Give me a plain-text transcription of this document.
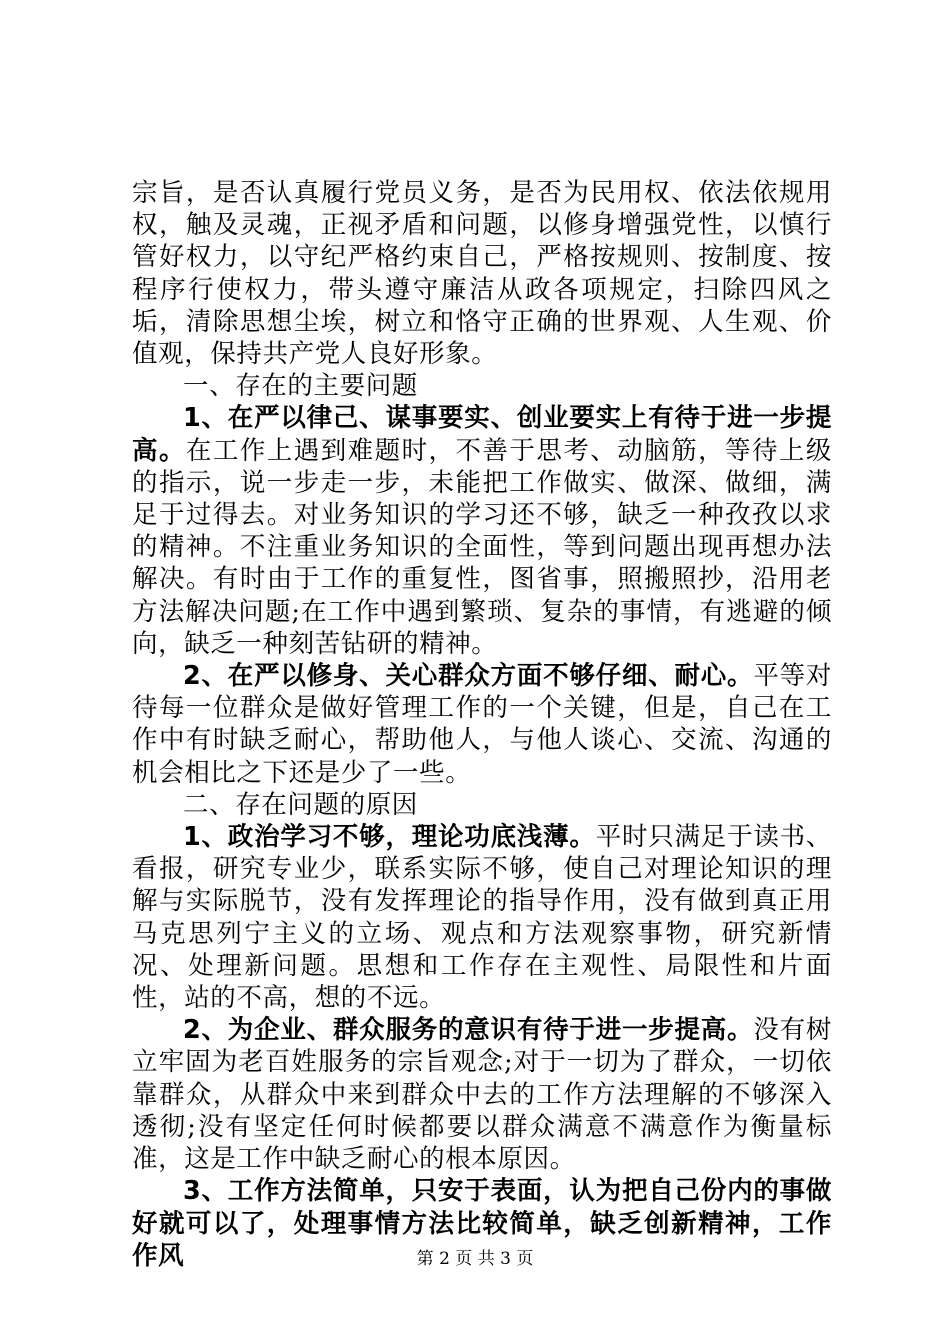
宗旨，是否认真履行党员义务，是否为民用权、依法依规用权，触及灵魂，正视矛盾和问题，以修身增强党性，以慎行管好权力，以守纪严格约束自己，严格按规则、按制度、按程序行使权力，带头遵守廉洁从政各项规定，扫除四风之垢，清除思想尘埃，树立和恪守正确的世界观、人生观、价值观，保持共产党人良好形象。

一、存在的主要问题

1、在严以律己、谋事要实、创业要实上有待于进一步提高。在工作上遇到难题时，不善于思考、动脑筋，等待上级的指示，说一步走一步，未能把工作做实、做深、做细，满足于过得去。对业务知识的学习还不够，缺乏一种孜孜以求的精神。不注重业务知识的全面性，等到问题出现再想办法解决。有时由于工作的重复性，图省事，照搬照抄，沿用老方法解决问题;在工作中遇到繁琐、复杂的事情，有逃避的倾向，缺乏一种刻苦钻研的精神。

2、在严以修身、关心群众方面不够仔细、耐心。平等对待每一位群众是做好管理工作的一个关键，但是，自己在工作中有时缺乏耐心，帮助他人，与他人谈心、交流、沟通的机会相比之下还是少了一些。

二、存在问题的原因

1、政治学习不够，理论功底浅薄。平时只满足于读书、看报，研究专业少，联系实际不够，使自己对理论知识的理解与实际脱节，没有发挥理论的指导作用，没有做到真正用马克思列宁主义的立场、观点和方法观察事物，研究新情况、处理新问题。思想和工作存在主观性、局限性和片面性，站的不高，想的不远。

2、为企业、群众服务的意识有待于进一步提高。没有树立牢固为老百姓服务的宗旨观念;对于一切为了群众，一切依靠群众，从群众中来到群众中去的工作方法理解的不够深入透彻;没有坚定任何时候都要以群众满意不满意作为衡量标准，这是工作中缺乏耐心的根本原因。

3、工作方法简单，只安于表面，认为把自己份内的事做好就可以了，处理事情方法比较简单，缺乏创新精神，工作作风	第 2 页 共 3 页
